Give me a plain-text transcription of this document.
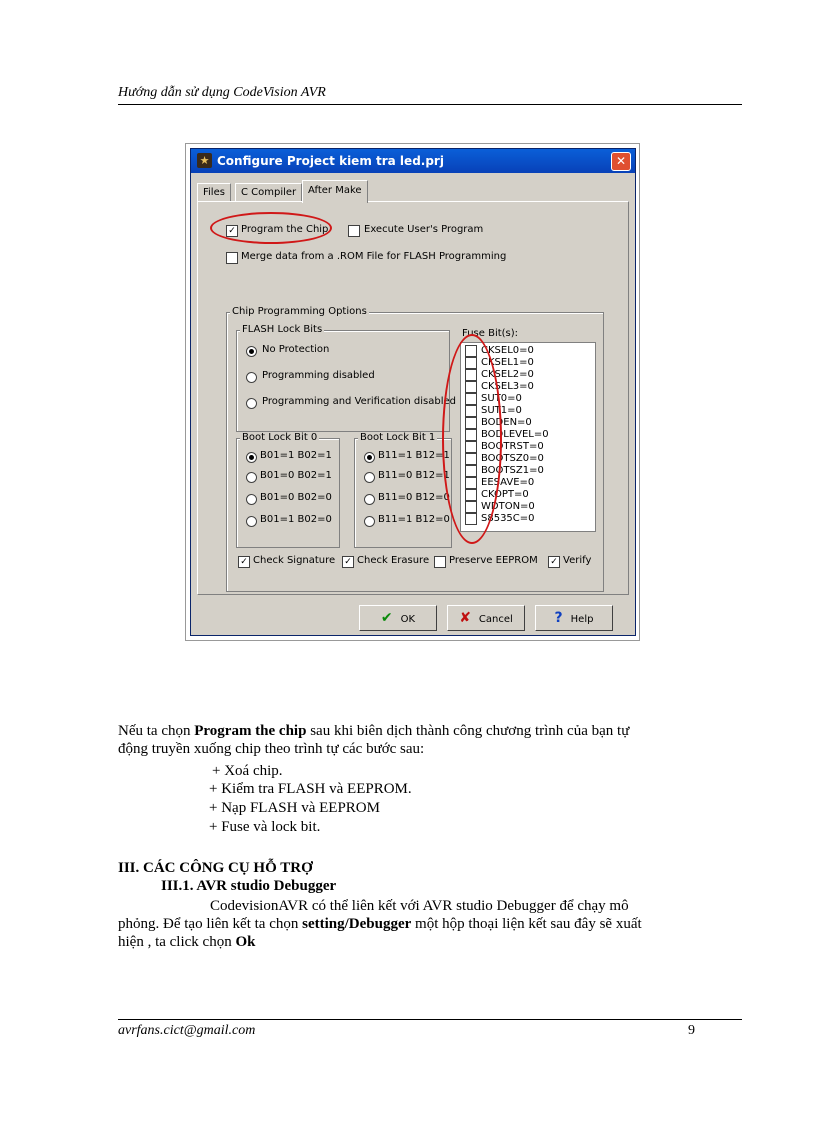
Hướng dẫn sử dụng CodeVision AVR
★ Configure Project kiem tra led.prj	✕
Files	C Compiler	After Make
✓ Program the Chip	Execute User's Program
Merge data from a .ROM File for FLASH Programming
Chip Programming Options
FLASH Lock Bits
No Protection
Programming disabled
Programming and Verification disabled
Boot Lock Bit 0
B01=1 B02=1
B01=0 B02=1
B01=0 B02=0
B01=1 B02=0
Boot Lock Bit 1
B11=1 B12=1
B11=0 B12=1
B11=0 B12=0
B11=1 B12=0
Fuse Bit(s):
CKSEL0=0
CKSEL1=0
CKSEL2=0
CKSEL3=0
SUT0=0
SUT1=0
BODEN=0
BODLEVEL=0
BOOTRST=0
BOOTSZ0=0
BOOTSZ1=0
EESAVE=0
CKOPT=0
WDTON=0
S8535C=0
✓ Check Signature ✓ Check Erasure Preserve EEPROM ✓ Verify
✔ OK	✘ Cancel	? Help
Nếu ta chọn Program the chip sau khi biên dịch thành công chương trình của bạn tự
động truyền xuống chip theo trình tự các bước sau:
+ Xoá chip.
+ Kiểm tra FLASH và EEPROM.
+ Nạp FLASH và EEPROM
+ Fuse và lock bit.
III. CÁC CÔNG CỤ HỖ TRỢ
III.1. AVR studio Debugger
CodevisionAVR có thể liên kết với AVR studio Debugger để chạy mô
phỏng. Để tạo liên kết ta chọn setting/Debugger một hộp thoại liện kết sau đây sẽ xuất
hiện , ta click chọn Ok
avrfans.cict@gmail.com	9
